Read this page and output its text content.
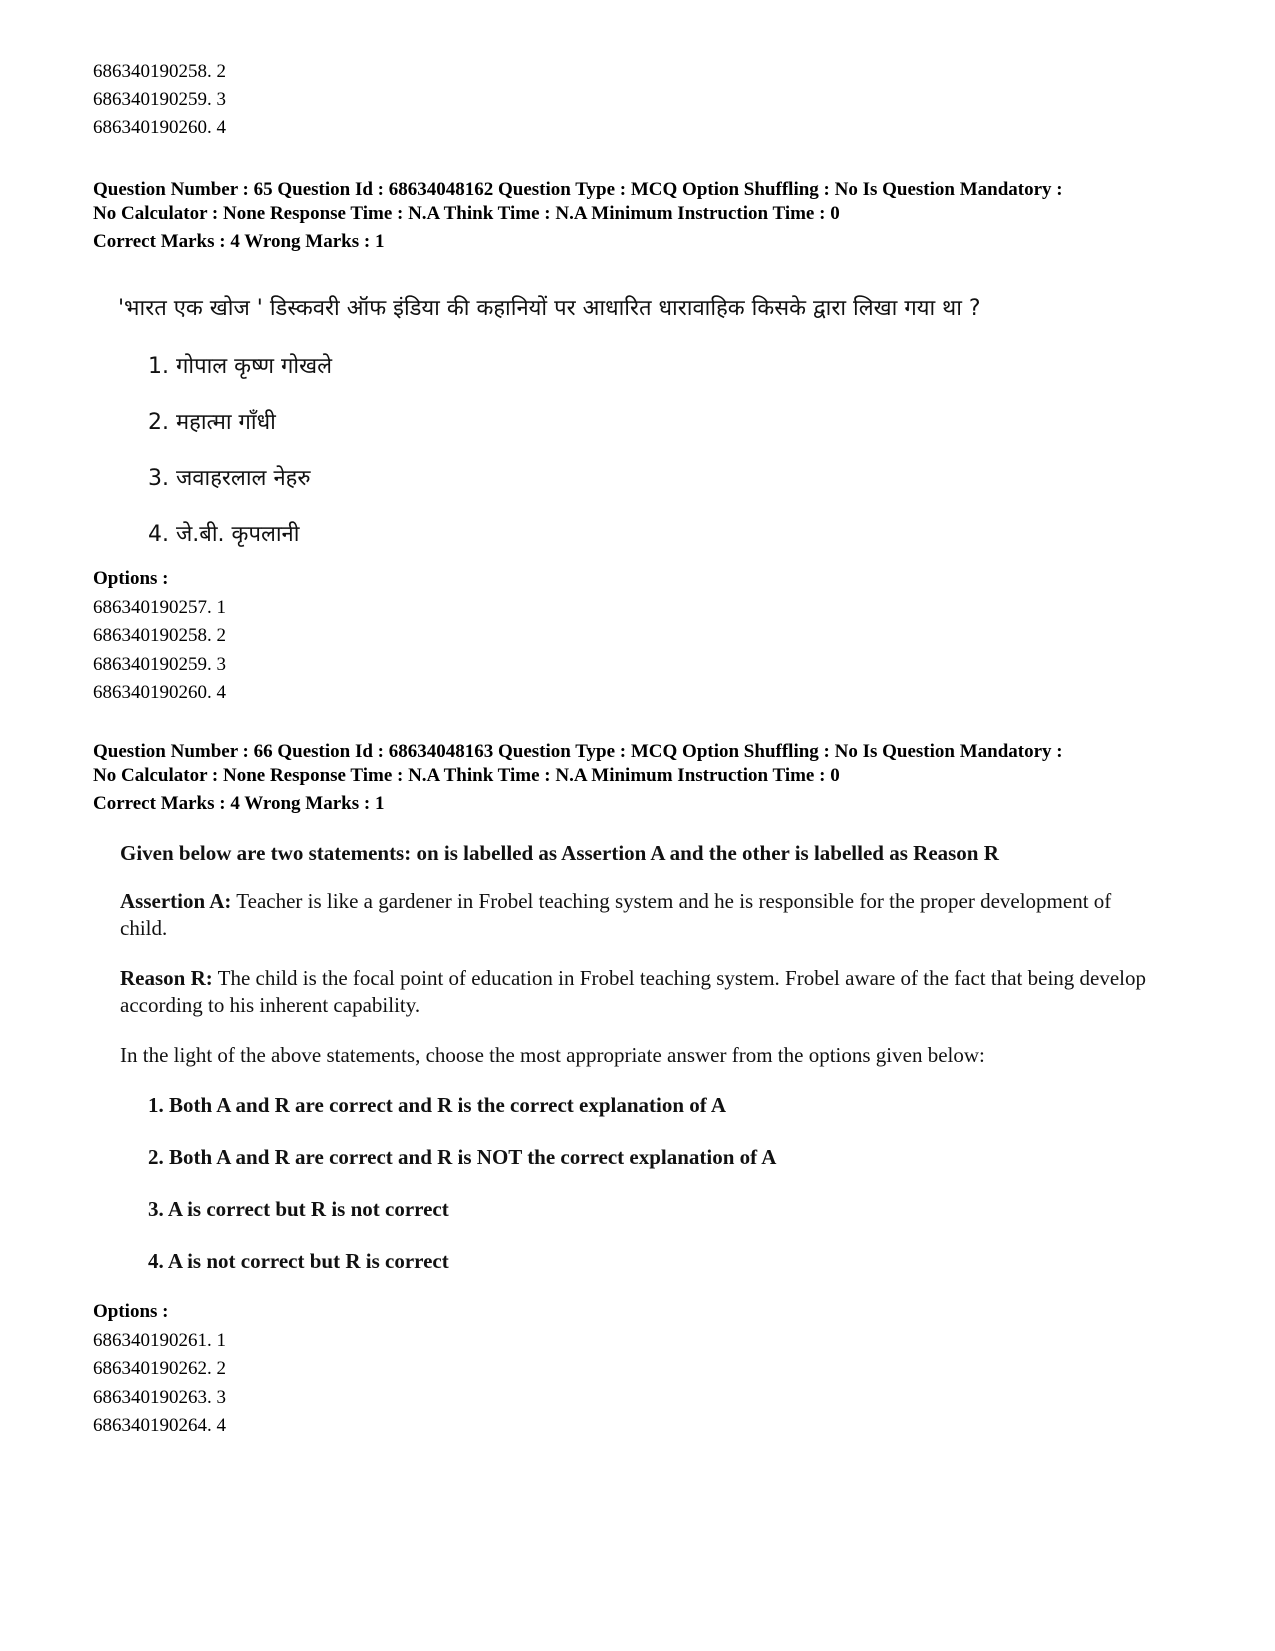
686340190258. 2
686340190259. 3
686340190260. 4
Question Number : 65 Question Id : 68634048162 Question Type : MCQ Option Shuffling : No Is Question Mandatory :
No Calculator : None Response Time : N.A Think Time : N.A Minimum Instruction Time : 0
Correct Marks : 4 Wrong Marks : 1
'भारत एक खोज ' डिस्कवरी ऑफ इंडिया की कहानियों पर आधारित धारावाहिक किसके द्वारा लिखा गया था ?
1. गोपाल कृष्ण गोखले
2. महात्मा गाँधी
3. जवाहरलाल नेहरु
4. जे.बी. कृपलानी
Options :
686340190257. 1
686340190258. 2
686340190259. 3
686340190260. 4
Question Number : 66 Question Id : 68634048163 Question Type : MCQ Option Shuffling : No Is Question Mandatory :
No Calculator : None Response Time : N.A Think Time : N.A Minimum Instruction Time : 0
Correct Marks : 4 Wrong Marks : 1
Given below are two statements: on is labelled as Assertion A and the other is labelled as Reason R
Assertion A: Teacher is like a gardener in Frobel teaching system and he is responsible for the proper development of child.
Reason R: The child is the focal point of education in Frobel teaching system. Frobel aware of the fact that being develop according to his inherent capability.
In the light of the above statements, choose the most appropriate answer from the options given below:
1. Both A and R are correct and R is the correct explanation of A
2. Both A and R are correct and R is NOT the correct explanation of A
3. A is correct but R is not correct
4. A is not correct but R is correct
Options :
686340190261. 1
686340190262. 2
686340190263. 3
686340190264. 4
